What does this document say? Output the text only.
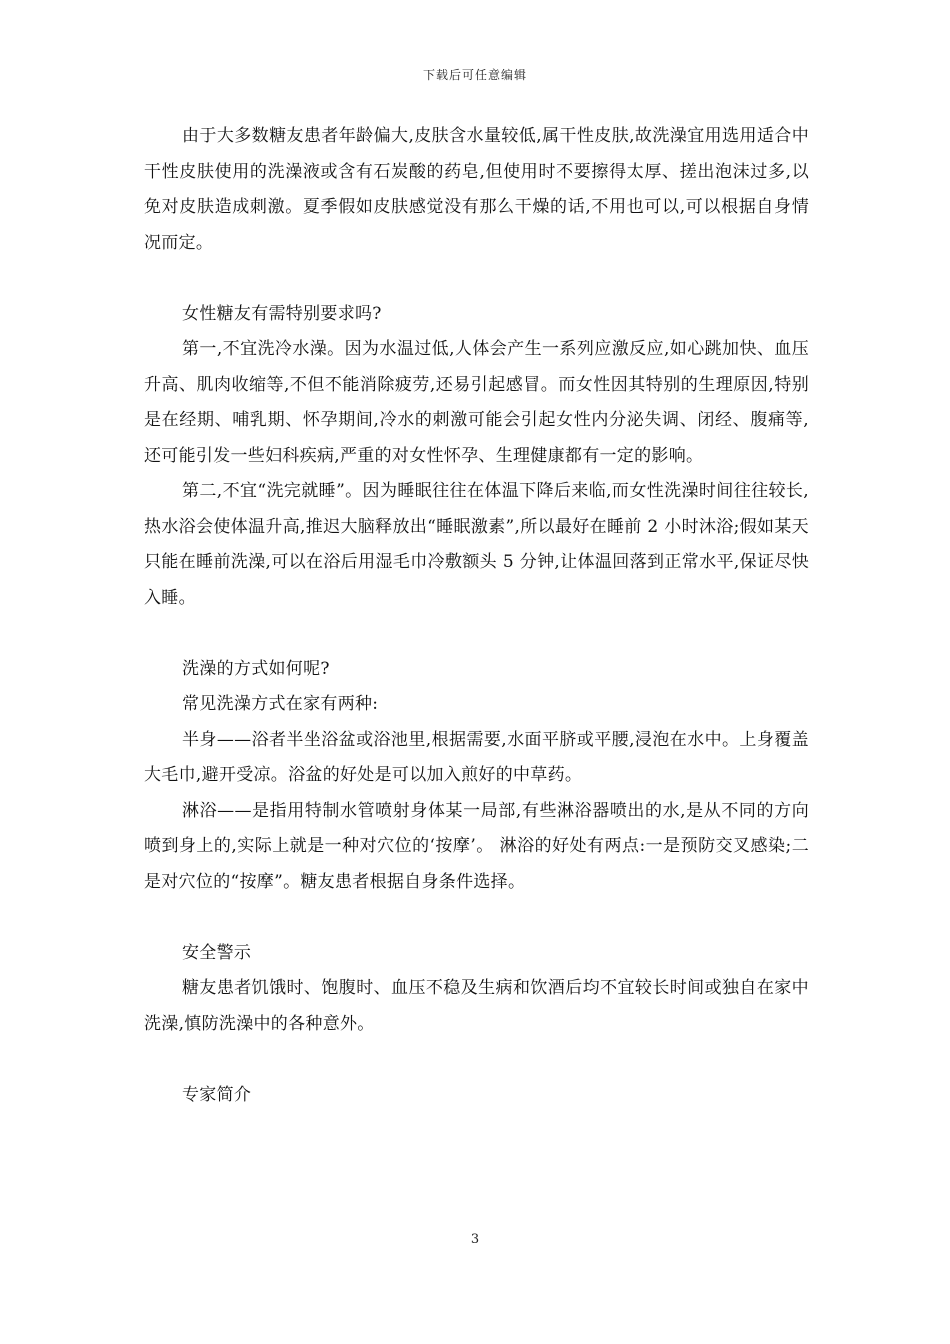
下载后可任意编辑

由于大多数糖友患者年龄偏大,皮肤含水量较低,属干性皮肤,故洗澡宜用选用适合中干性皮肤使用的洗澡液或含有石炭酸的药皂,但使用时不要擦得太厚、搓出泡沫过多,以免对皮肤造成刺激。夏季假如皮肤感觉没有那么干燥的话,不用也可以,可以根据自身情况而定。

女性糖友有需特别要求吗?

第一,不宜洗冷水澡。因为水温过低,人体会产生一系列应激反应,如心跳加快、血压升高、肌肉收缩等,不但不能消除疲劳,还易引起感冒。而女性因其特别的生理原因,特别是在经期、哺乳期、怀孕期间,冷水的刺激可能会引起女性内分泌失调、闭经、腹痛等,还可能引发一些妇科疾病,严重的对女性怀孕、生理健康都有一定的影响。

第二,不宜“洗完就睡”。因为睡眠往往在体温下降后来临,而女性洗澡时间往往较长,热水浴会使体温升高,推迟大脑释放出“睡眠激素”,所以最好在睡前 2 小时沐浴;假如某天只能在睡前洗澡,可以在浴后用湿毛巾冷敷额头 5 分钟,让体温回落到正常水平,保证尽快入睡。

洗澡的方式如何呢?

常见洗澡方式在家有两种:

半身——浴者半坐浴盆或浴池里,根据需要,水面平脐或平腰,浸泡在水中。上身覆盖大毛巾,避开受凉。浴盆的好处是可以加入煎好的中草药。

淋浴——是指用特制水管喷射身体某一局部,有些淋浴器喷出的水,是从不同的方向喷到身上的,实际上就是一种对穴位的‘按摩’。 淋浴的好处有两点:一是预防交叉感染;二是对穴位的“按摩”。糖友患者根据自身条件选择。

安全警示

糖友患者饥饿时、饱腹时、血压不稳及生病和饮酒后均不宜较长时间或独自在家中洗澡,慎防洗澡中的各种意外。

专家简介

3
